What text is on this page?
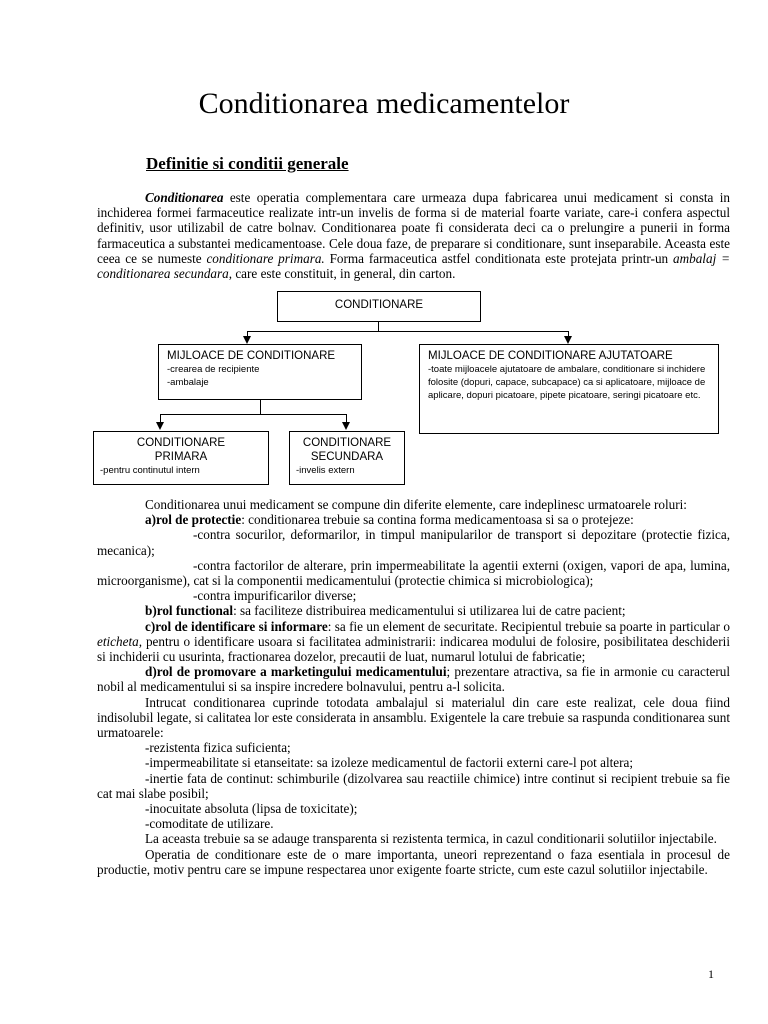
Conditionarea medicamentelor
Definitie si conditii generale

Conditionarea este operatia complementara care urmeaza dupa fabricarea unui medicament si consta in inchiderea formei farmaceutice realizate intr-un invelis de forma si de material foarte variate, care-i confera aspectul definitiv, usor utilizabil de catre bolnav. Conditionarea poate fi considerata deci ca o prelungire a punerii in forma farmaceutica a substantei medicamentoase. Cele doua faze, de preparare si conditionare, sunt inseparabile. Aceasta este ceea ce se numeste conditionare primara. Forma farmaceutica astfel conditionata este protejata printr-un ambalaj = conditionarea secundara, care este constituit, in general, din carton.

CONDITIONARE
MIJLOACE DE CONDITIONARE
-crearea de recipiente
-ambalaje
MIJLOACE DE CONDITIONARE AJUTATOARE
-toate mijloacele ajutatoare de ambalare, conditionare si inchidere folosite (dopuri, capace, subcapace) ca si aplicatoare, mijloace de aplicare, dopuri picatoare, pipete picatoare, seringi picatoare etc.
CONDITIONARE
PRIMARA
-pentru continutul intern
CONDITIONARE
SECUNDARA
-invelis extern

Conditionarea unui medicament se compune din diferite elemente, care indeplinesc urmatoarele roluri:
a)rol de protectie: conditionarea trebuie sa contina forma medicamentoasa si sa o protejeze:
-contra socurilor, deformarilor, in timpul manipularilor de transport si depozitare (protectie fizica, mecanica);
-contra factorilor de alterare, prin impermeabilitate la agentii externi (oxigen, vapori de apa, lumina, microorganisme), cat si la componentii medicamentului (protectie chimica si microbiologica);
-contra impurificarilor diverse;
b)rol functional: sa faciliteze distribuirea medicamentului si utilizarea lui de catre pacient;
c)rol de identificare si informare: sa fie un element de securitate. Recipientul trebuie sa poarte in particular o eticheta, pentru o identificare usoara si facilitatea administrarii: indicarea modului de folosire, posibilitatea deschiderii si inchiderii cu usurinta, fractionarea dozelor, precautii de luat, numarul lotului de fabricatie;
d)rol de promovare a marketingului medicamentului; prezentare atractiva, sa fie in armonie cu caracterul nobil al medicamentului si sa inspire incredere bolnavului, pentru a-l solicita.
Intrucat conditionarea cuprinde totodata ambalajul si materialul din care este realizat, cele doua fiind indisolubil legate, si calitatea lor este considerata in ansamblu. Exigentele la care trebuie sa raspunda conditionarea sunt urmatoarele:
-rezistenta fizica suficienta;
-impermeabilitate si etanseitate: sa izoleze medicamentul de factorii externi care-l pot altera;
-inertie fata de continut: schimburile (dizolvarea sau reactiile chimice) intre continut si recipient trebuie sa fie cat mai slabe posibil;
-inocuitate absoluta (lipsa de toxicitate);
-comoditate de utilizare.
La aceasta trebuie sa se adauge transparenta si rezistenta termica, in cazul conditionarii solutiilor injectabile.
Operatia de conditionare este de o mare importanta, uneori reprezentand o faza esentiala in procesul de productie, motiv pentru care se impune respectarea unor exigente foarte stricte, cum este cazul solutiilor injectabile.

1
